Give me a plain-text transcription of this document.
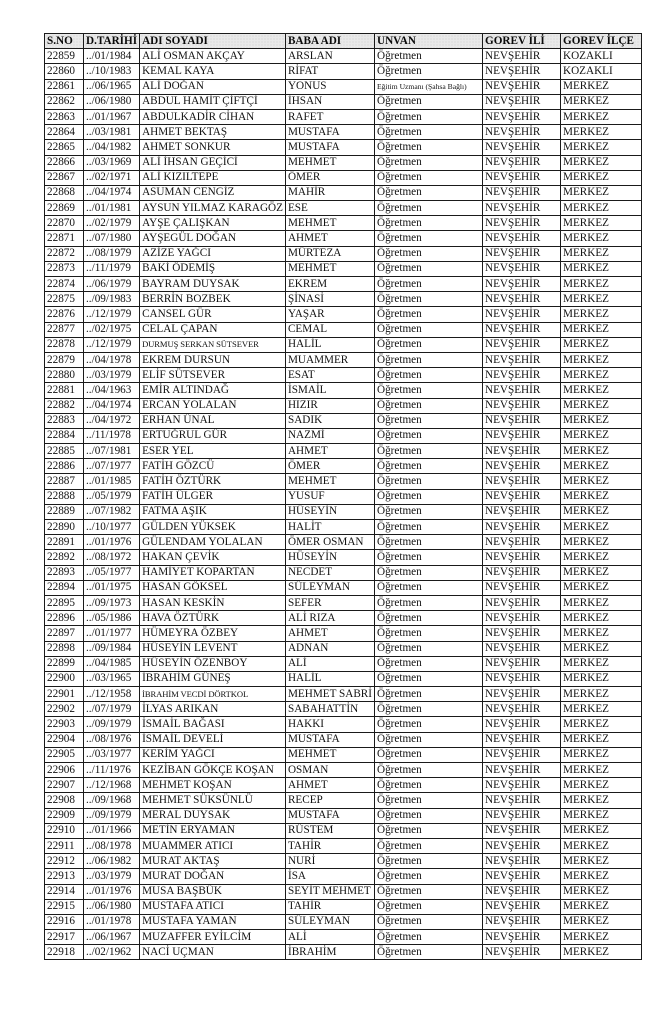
S.NO	D.TARİHİ	ADI SOYADI	BABA ADI	UNVAN	GOREV İLİ	GOREV İLÇE
22859	../01/1984	ALİ OSMAN AKÇAY	ARSLAN	Öğretmen	NEVŞEHİR	KOZAKLI
22860	../10/1983	KEMAL KAYA	RİFAT	Öğretmen	NEVŞEHİR	KOZAKLI
22861	../06/1965	ALİ DOĞAN	YONUS	Eğitim Uzmanı (Şahsa Bağlı)	NEVŞEHİR	MERKEZ
22862	../06/1980	ABDUL HAMİT ÇİFTÇİ	İHSAN	Öğretmen	NEVŞEHİR	MERKEZ
22863	../01/1967	ABDULKADİR CİHAN	RAFET	Öğretmen	NEVŞEHİR	MERKEZ
22864	../03/1981	AHMET BEKTAŞ	MUSTAFA	Öğretmen	NEVŞEHİR	MERKEZ
22865	../04/1982	AHMET SONKUR	MUSTAFA	Öğretmen	NEVŞEHİR	MERKEZ
22866	../03/1969	ALİ İHSAN GEÇİCİ	MEHMET	Öğretmen	NEVŞEHİR	MERKEZ
22867	../02/1971	ALİ KIZILTEPE	ÖMER	Öğretmen	NEVŞEHİR	MERKEZ
22868	../04/1974	ASUMAN CENGİZ	MAHİR	Öğretmen	NEVŞEHİR	MERKEZ
22869	../01/1981	AYSUN YILMAZ KARAGÖZ	ESE	Öğretmen	NEVŞEHİR	MERKEZ
22870	../02/1979	AYŞE ÇALIŞKAN	MEHMET	Öğretmen	NEVŞEHİR	MERKEZ
22871	../07/1980	AYŞEGÜL DOĞAN	AHMET	Öğretmen	NEVŞEHİR	MERKEZ
22872	../08/1979	AZİZE YAĞCI	MÜRTEZA	Öğretmen	NEVŞEHİR	MERKEZ
22873	../11/1979	BAKİ ÖDEMİŞ	MEHMET	Öğretmen	NEVŞEHİR	MERKEZ
22874	../06/1979	BAYRAM DUYSAK	EKREM	Öğretmen	NEVŞEHİR	MERKEZ
22875	../09/1983	BERRİN BOZBEK	ŞİNASİ	Öğretmen	NEVŞEHİR	MERKEZ
22876	../12/1979	CANSEL GÜR	YAŞAR	Öğretmen	NEVŞEHİR	MERKEZ
22877	../02/1975	CELAL ÇAPAN	CEMAL	Öğretmen	NEVŞEHİR	MERKEZ
22878	../12/1979	DURMUŞ SERKAN SÜTSEVER	HALİL	Öğretmen	NEVŞEHİR	MERKEZ
22879	../04/1978	EKREM DURSUN	MUAMMER	Öğretmen	NEVŞEHİR	MERKEZ
22880	../03/1979	ELİF SÜTSEVER	ESAT	Öğretmen	NEVŞEHİR	MERKEZ
22881	../04/1963	EMİR ALTINDAĞ	İSMAİL	Öğretmen	NEVŞEHİR	MERKEZ
22882	../04/1974	ERCAN YOLALAN	HIZIR	Öğretmen	NEVŞEHİR	MERKEZ
22883	../04/1972	ERHAN ÜNAL	SADIK	Öğretmen	NEVŞEHİR	MERKEZ
22884	../11/1978	ERTUĞRUL GÜR	NAZMİ	Öğretmen	NEVŞEHİR	MERKEZ
22885	../07/1981	ESER YEL	AHMET	Öğretmen	NEVŞEHİR	MERKEZ
22886	../07/1977	FATİH GÖZCÜ	ÖMER	Öğretmen	NEVŞEHİR	MERKEZ
22887	../01/1985	FATİH ÖZTÜRK	MEHMET	Öğretmen	NEVŞEHİR	MERKEZ
22888	../05/1979	FATİH ÜLGER	YUSUF	Öğretmen	NEVŞEHİR	MERKEZ
22889	../07/1982	FATMA AŞIK	HÜSEYİN	Öğretmen	NEVŞEHİR	MERKEZ
22890	../10/1977	GÜLDEN YÜKSEK	HALİT	Öğretmen	NEVŞEHİR	MERKEZ
22891	../01/1976	GÜLENDAM YOLALAN	ÖMER OSMAN	Öğretmen	NEVŞEHİR	MERKEZ
22892	../08/1972	HAKAN ÇEVİK	HÜSEYİN	Öğretmen	NEVŞEHİR	MERKEZ
22893	../05/1977	HAMİYET KOPARTAN	NECDET	Öğretmen	NEVŞEHİR	MERKEZ
22894	../01/1975	HASAN GÖKSEL	SÜLEYMAN	Öğretmen	NEVŞEHİR	MERKEZ
22895	../09/1973	HASAN KESKİN	SEFER	Öğretmen	NEVŞEHİR	MERKEZ
22896	../05/1986	HAVA ÖZTÜRK	ALİ RIZA	Öğretmen	NEVŞEHİR	MERKEZ
22897	../01/1977	HÜMEYRA ÖZBEY	AHMET	Öğretmen	NEVŞEHİR	MERKEZ
22898	../09/1984	HÜSEYİN LEVENT	ADNAN	Öğretmen	NEVŞEHİR	MERKEZ
22899	../04/1985	HÜSEYİN ÖZENBOY	ALİ	Öğretmen	NEVŞEHİR	MERKEZ
22900	../03/1965	İBRAHİM GÜNEŞ	HALİL	Öğretmen	NEVŞEHİR	MERKEZ
22901	../12/1958	İBRAHİM VECDİ DÖRTKOL	MEHMET SABRİ	Öğretmen	NEVŞEHİR	MERKEZ
22902	../07/1979	İLYAS ARIKAN	SABAHATTİN	Öğretmen	NEVŞEHİR	MERKEZ
22903	../09/1979	İSMAİL BAĞASI	HAKKI	Öğretmen	NEVŞEHİR	MERKEZ
22904	../08/1976	İSMAİL DEVELİ	MUSTAFA	Öğretmen	NEVŞEHİR	MERKEZ
22905	../03/1977	KERİM YAĞCI	MEHMET	Öğretmen	NEVŞEHİR	MERKEZ
22906	../11/1976	KEZİBAN GÖKÇE KOŞAN	OSMAN	Öğretmen	NEVŞEHİR	MERKEZ
22907	../12/1968	MEHMET KOŞAN	AHMET	Öğretmen	NEVŞEHİR	MERKEZ
22908	../09/1968	MEHMET SÜKSÜNLÜ	RECEP	Öğretmen	NEVŞEHİR	MERKEZ
22909	../09/1979	MERAL DUYSAK	MUSTAFA	Öğretmen	NEVŞEHİR	MERKEZ
22910	../01/1966	METİN ERYAMAN	RÜSTEM	Öğretmen	NEVŞEHİR	MERKEZ
22911	../08/1978	MUAMMER ATICI	TAHİR	Öğretmen	NEVŞEHİR	MERKEZ
22912	../06/1982	MURAT AKTAŞ	NURİ	Öğretmen	NEVŞEHİR	MERKEZ
22913	../03/1979	MURAT DOĞAN	İSA	Öğretmen	NEVŞEHİR	MERKEZ
22914	../01/1976	MUSA BAŞBÜK	SEYİT MEHMET	Öğretmen	NEVŞEHİR	MERKEZ
22915	../06/1980	MUSTAFA ATICI	TAHİR	Öğretmen	NEVŞEHİR	MERKEZ
22916	../01/1978	MUSTAFA YAMAN	SÜLEYMAN	Öğretmen	NEVŞEHİR	MERKEZ
22917	../06/1967	MUZAFFER EYİLCİM	ALİ	Öğretmen	NEVŞEHİR	MERKEZ
22918	../02/1962	NACİ UÇMAN	İBRAHİM	Öğretmen	NEVŞEHİR	MERKEZ
